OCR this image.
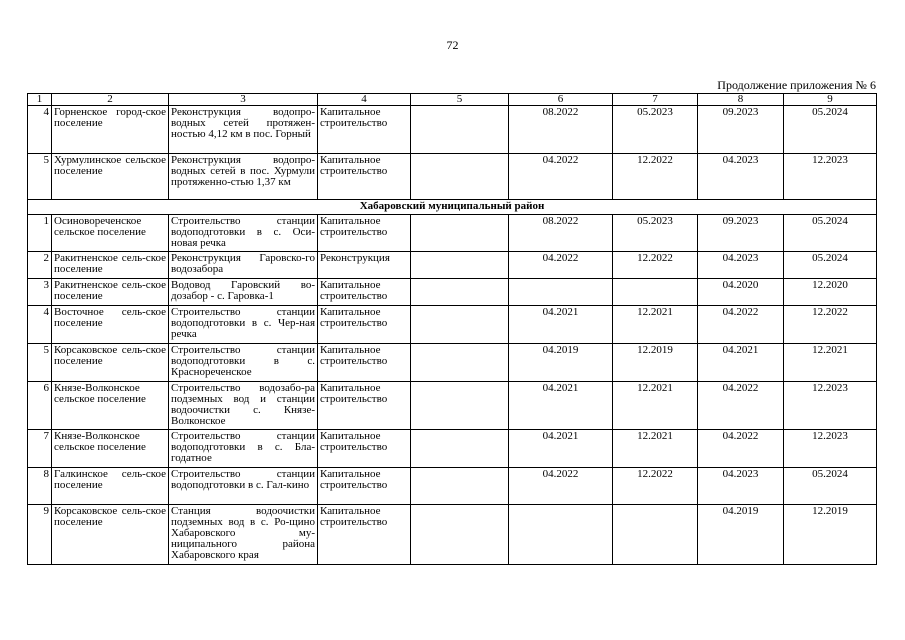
72
Продолжение приложения № 6
1	2	3	4	5	6	7	8	9
4	Горненское город-ское поселение	Реконструкция водопро-водных сетей протяжен-ностью 4,12 км в пос. Горный	Капитальное строительство		08.2022	05.2023	09.2023	05.2024
5	Хурмулинское сельское поселение	Реконструкция водопро-водных сетей в пос. Хурмули протяженно-стью 1,37 км	Капитальное строительство		04.2022	12.2022	04.2023	12.2023
Хабаровский муниципальный район								
1	Осиновореченское сельское поселение	Строительство станции водоподготовки в с. Оси-новая речка	Капитальное строительство		08.2022	05.2023	09.2023	05.2024
2	Ракитненское сель-ское поселение	Реконструкция Гаровско-го водозабора	Реконструкция		04.2022	12.2022	04.2023	05.2024
3	Ракитненское сель-ское поселение	Водовод Гаровский во-дозабор - с. Гаровка-1	Капитальное строительство				04.2020	12.2020
4	Восточное сель-ское поселение	Строительство станции водоподготовки в с. Чер-ная речка	Капитальное строительство		04.2021	12.2021	04.2022	12.2022
5	Корсаковское сель-ское поселение	Строительство станции водоподготовки в с. Краснореченское	Капитальное строительство		04.2019	12.2019	04.2021	12.2021
6	Князе-Волконское сельское поселение	Строительство водозабо-ра подземных вод и станции водоочистки с. Князе-Волконское	Капитальное строительство		04.2021	12.2021	04.2022	12.2023
7	Князе-Волконское сельское поселение	Строительство станции водоподготовки в с. Бла-годатное	Капитальное строительство		04.2021	12.2021	04.2022	12.2023
8	Галкинское сель-ское поселение	Строительство станции водоподготовки в с. Гал-кино	Капитальное строительство		04.2022	12.2022	04.2023	05.2024
9	Корсаковское сель-ское поселение	Станция водоочистки подземных вод в с. Ро-щино Хабаровского му-ниципального района Хабаровского края	Капитальное строительство				04.2019	12.2019
